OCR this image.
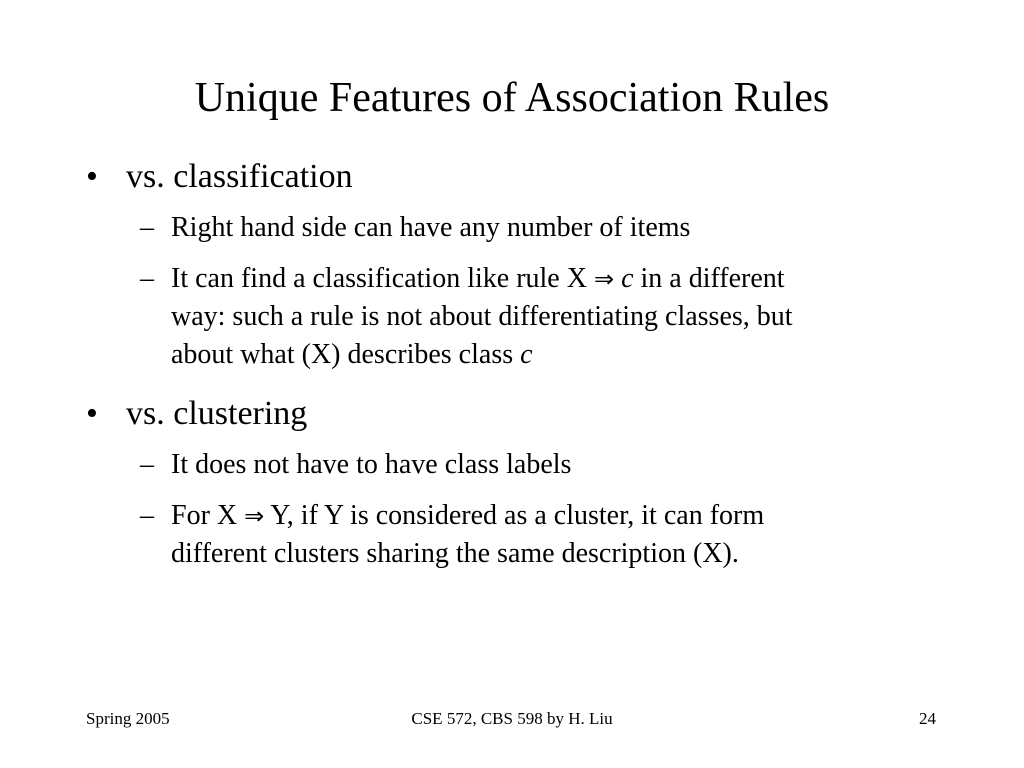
Unique Features of Association Rules
• vs. classification
– Right hand side can have any number of items
– It can find a classification like rule X ⇒ c in a different
way: such a rule is not about differentiating classes, but
about what (X) describes class c
• vs. clustering
– It does not have to have class labels
– For X ⇒ Y, if Y is considered as a cluster, it can form
different clusters sharing the same description (X).
Spring 2005	CSE 572, CBS 598 by H. Liu	24
